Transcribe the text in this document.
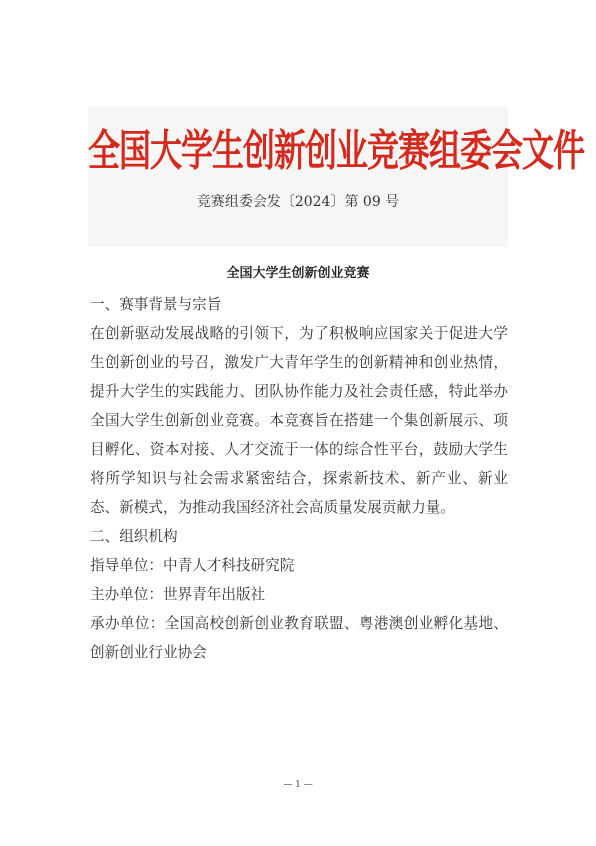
全国大学生创新创业竞赛组委会文件
竞赛组委会发〔2024〕第 09 号
全国大学生创新创业竞赛

一、赛事背景与宗旨

在创新驱动发展战略的引领下，为了积极响应国家关于促进大学生创新创业的号召，激发广大青年学生的创新精神和创业热情，提升大学生的实践能力、团队协作能力及社会责任感，特此举办全国大学生创新创业竞赛。本竞赛旨在搭建一个集创新展示、项目孵化、资本对接、人才交流于一体的综合性平台，鼓励大学生将所学知识与社会需求紧密结合，探索新技术、新产业、新业态、新模式，为推动我国经济社会高质量发展贡献力量。

二、组织机构

指导单位：中青人才科技研究院

主办单位：世界青年出版社

承办单位：全国高校创新创业教育联盟、粤港澳创业孵化基地、创新创业行业协会

— 1 —
